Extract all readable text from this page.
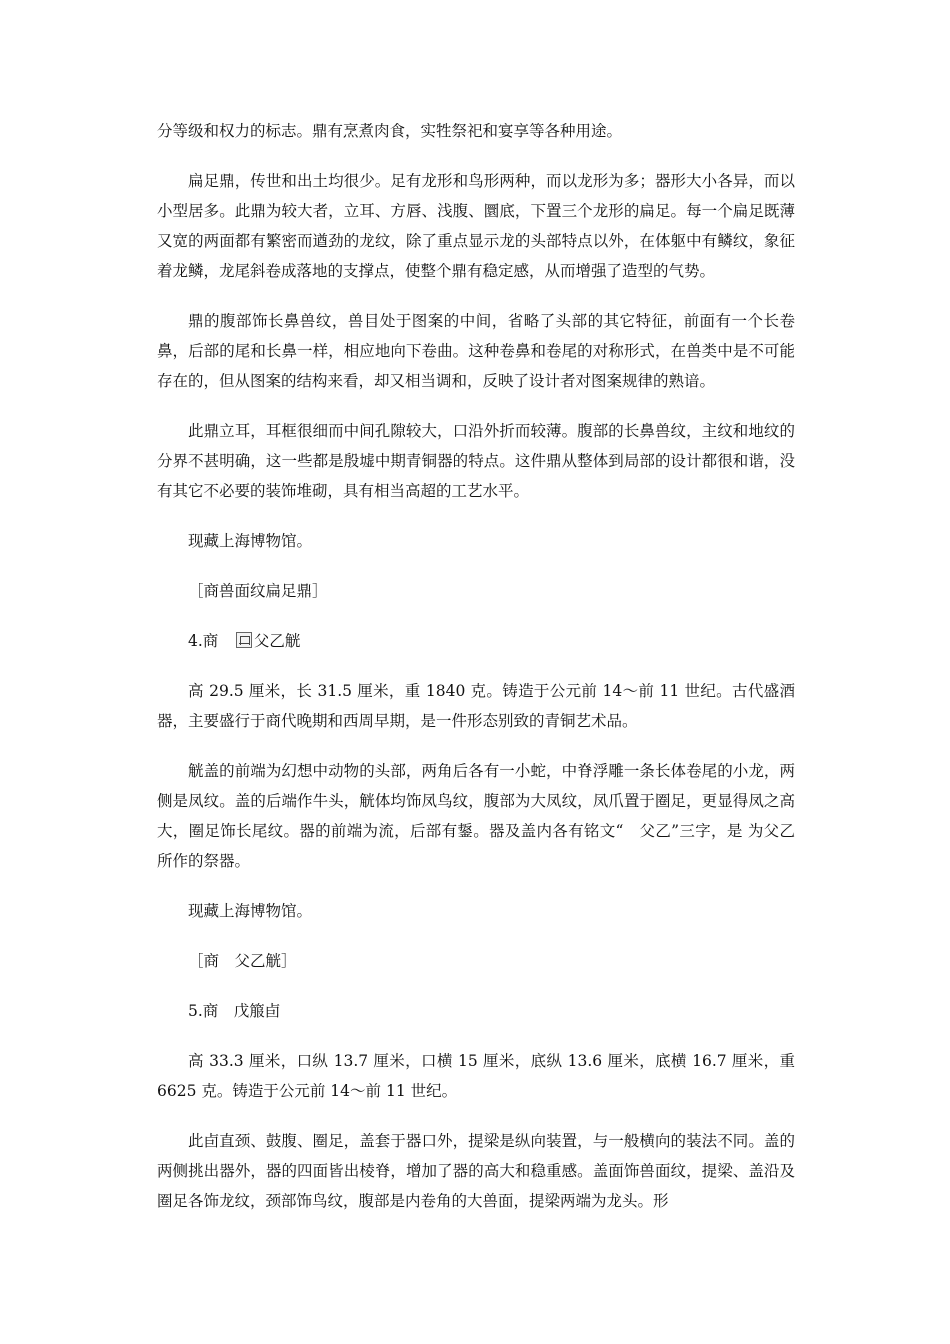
分等级和权力的标志。鼎有烹煮肉食，实牲祭祀和宴享等各种用途。

扁足鼎，传世和出土均很少。足有龙形和鸟形两种，而以龙形为多；器形大小各异，而以小型居多。此鼎为较大者，立耳、方唇、浅腹、圜底，下置三个龙形的扁足。每一个扁足既薄又宽的两面都有繁密而遒劲的龙纹，除了重点显示龙的头部特点以外，在体躯中有鳞纹，象征着龙鳞，龙尾斜卷成落地的支撑点，使整个鼎有稳定感，从而增强了造型的气势。

鼎的腹部饰长鼻兽纹，兽目处于图案的中间，省略了头部的其它特征，前面有一个长卷鼻，后部的尾和长鼻一样，相应地向下卷曲。这种卷鼻和卷尾的对称形式，在兽类中是不可能存在的，但从图案的结构来看，却又相当调和，反映了设计者对图案规律的熟谙。

此鼎立耳，耳框很细而中间孔隙较大，口沿外折而较薄。腹部的长鼻兽纹，主纹和地纹的分界不甚明确，这一些都是殷墟中期青铜器的特点。这件鼎从整体到局部的设计都很和谐，没有其它不必要的装饰堆砌，具有相当高超的工艺水平。

现藏上海博物馆。

［商兽面纹扁足鼎］

4.商　 父乙觥

高 29.5 厘米，长 31.5 厘米，重 1840 克。铸造于公元前 14～前 11 世纪。古代盛酒器，主要盛行于商代晚期和西周早期，是一件形态别致的青铜艺术品。

觥盖的前端为幻想中动物的头部，两角后各有一小蛇，中脊浮雕一条长体卷尾的小龙，两侧是凤纹。盖的后端作牛头，觥体均饰凤鸟纹，腹部为大凤纹，凤爪置于圈足，更显得凤之高大，圈足饰长尾纹。器的前端为流，后部有鋬。器及盖内各有铭文“　父乙”三字，是 为父乙所作的祭器。

现藏上海博物馆。

［商　父乙觥］

5.商　戊箙卣

高 33.3 厘米，口纵 13.7 厘米，口横 15 厘米，底纵 13.6 厘米，底横 16.7 厘米，重 6625 克。铸造于公元前 14～前 11 世纪。

此卣直颈、鼓腹、圈足，盖套于器口外，提梁是纵向装置，与一般横向的装法不同。盖的两侧挑出器外，器的四面皆出棱脊，增加了器的高大和稳重感。盖面饰兽面纹，提梁、盖沿及圈足各饰龙纹，颈部饰鸟纹，腹部是内卷角的大兽面，提梁两端为龙头。形
